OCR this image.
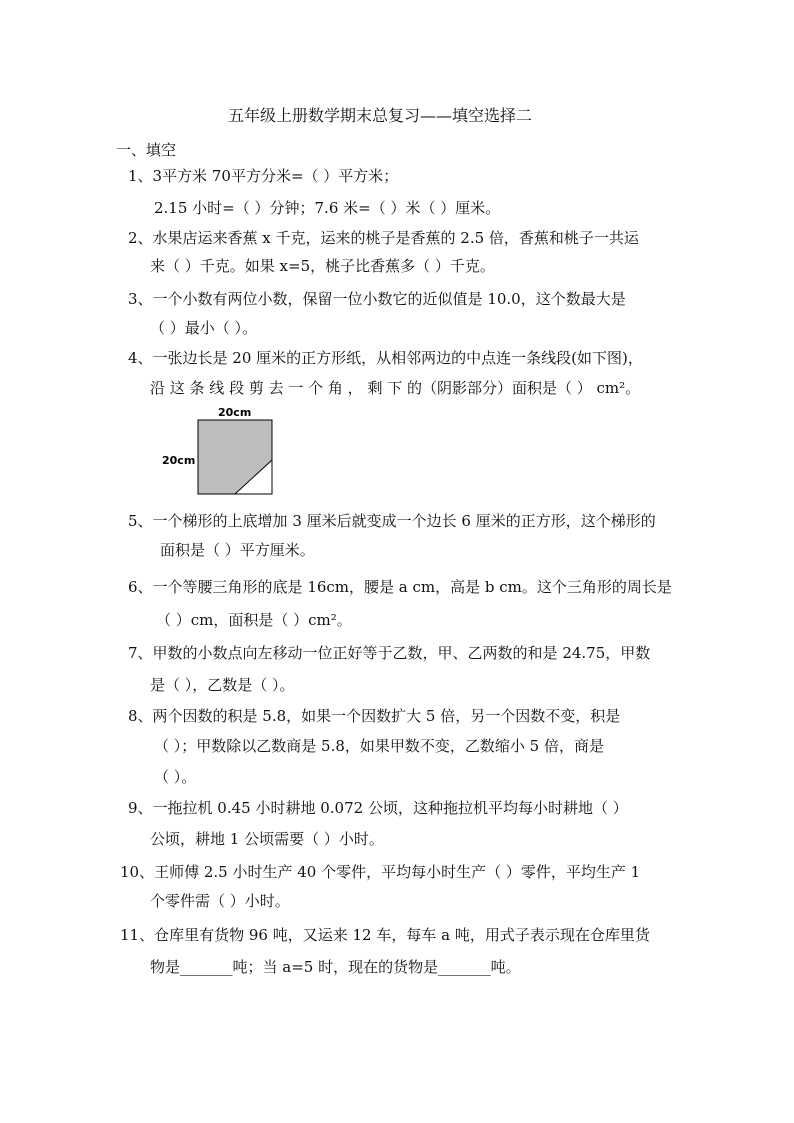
五年级上册数学期末总复习——填空选择二
一、填空
1、3平方米 70平方分米=（ ）平方米；
2.15 小时=（ ）分钟；7.6 米=（ ）米（ ）厘米。
2、水果店运来香蕉 x 千克，运来的桃子是香蕉的 2.5 倍，香蕉和桃子一共运
来（ ）千克。如果 x=5，桃子比香蕉多（ ）千克。
3、一个小数有两位小数，保留一位小数它的近似值是 10.0，这个数最大是
（ ）最小（ ）。
4、一张边长是 20 厘米的正方形纸，从相邻两边的中点连一条线段(如下图)，
沿 这 条 线 段 剪 去 一 个 角 ， 剩 下 的（阴影部分）面积是（ ） cm²。
20cm
20cm
5、一个梯形的上底增加 3 厘米后就变成一个边长 6 厘米的正方形，这个梯形的
面积是（ ）平方厘米。
6、一个等腰三角形的底是 16cm，腰是 a cm，高是 b cm。这个三角形的周长是
（ ）cm，面积是（ ）cm²。
7、甲数的小数点向左移动一位正好等于乙数，甲、乙两数的和是 24.75，甲数
是（ ），乙数是（ ）。
8、两个因数的积是 5.8，如果一个因数扩大 5 倍，另一个因数不变，积是
（ ）；甲数除以乙数商是 5.8，如果甲数不变，乙数缩小 5 倍，商是
（ ）。
9、一拖拉机 0.45 小时耕地 0.072 公顷，这种拖拉机平均每小时耕地（ ）
公顷，耕地 1 公顷需要（ ）小时。
10、王师傅 2.5 小时生产 40 个零件，平均每小时生产（ ）零件，平均生产 1
个零件需（ ）小时。
11、仓库里有货物 96 吨，又运来 12 车，每车 a 吨，用式子表示现在仓库里货
物是_______吨；当 a=5 时，现在的货物是_______吨。
